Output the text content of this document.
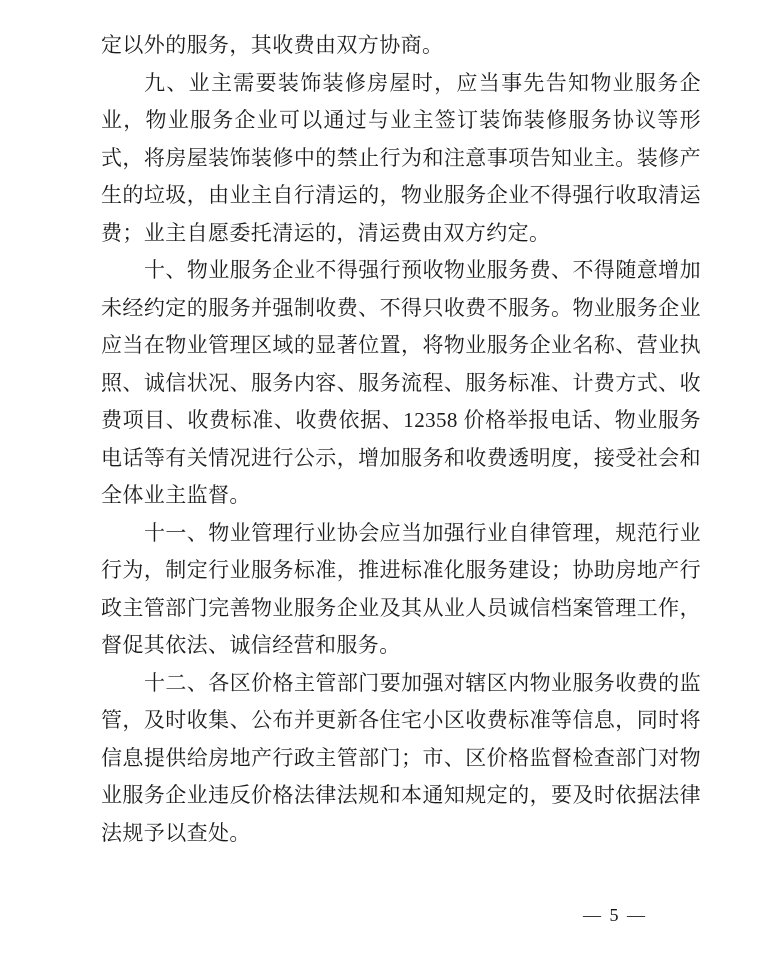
定以外的服务，其收费由双方协商。
九、业主需要装饰装修房屋时，应当事先告知物业服务企
业，物业服务企业可以通过与业主签订装饰装修服务协议等形
式，将房屋装饰装修中的禁止行为和注意事项告知业主。装修产
生的垃圾，由业主自行清运的，物业服务企业不得强行收取清运
费；业主自愿委托清运的，清运费由双方约定。
十、物业服务企业不得强行预收物业服务费、不得随意增加
未经约定的服务并强制收费、不得只收费不服务。物业服务企业
应当在物业管理区域的显著位置，将物业服务企业名称、营业执
照、诚信状况、服务内容、服务流程、服务标准、计费方式、收
费项目、收费标准、收费依据、12358 价格举报电话、物业服务
电话等有关情况进行公示，增加服务和收费透明度，接受社会和
全体业主监督。
十一、物业管理行业协会应当加强行业自律管理，规范行业
行为，制定行业服务标准，推进标准化服务建设；协助房地产行
政主管部门完善物业服务企业及其从业人员诚信档案管理工作，
督促其依法、诚信经营和服务。
十二、各区价格主管部门要加强对辖区内物业服务收费的监
管，及时收集、公布并更新各住宅小区收费标准等信息，同时将
信息提供给房地产行政主管部门；市、区价格监督检查部门对物
业服务企业违反价格法律法规和本通知规定的，要及时依据法律
法规予以查处。
— 5 —
